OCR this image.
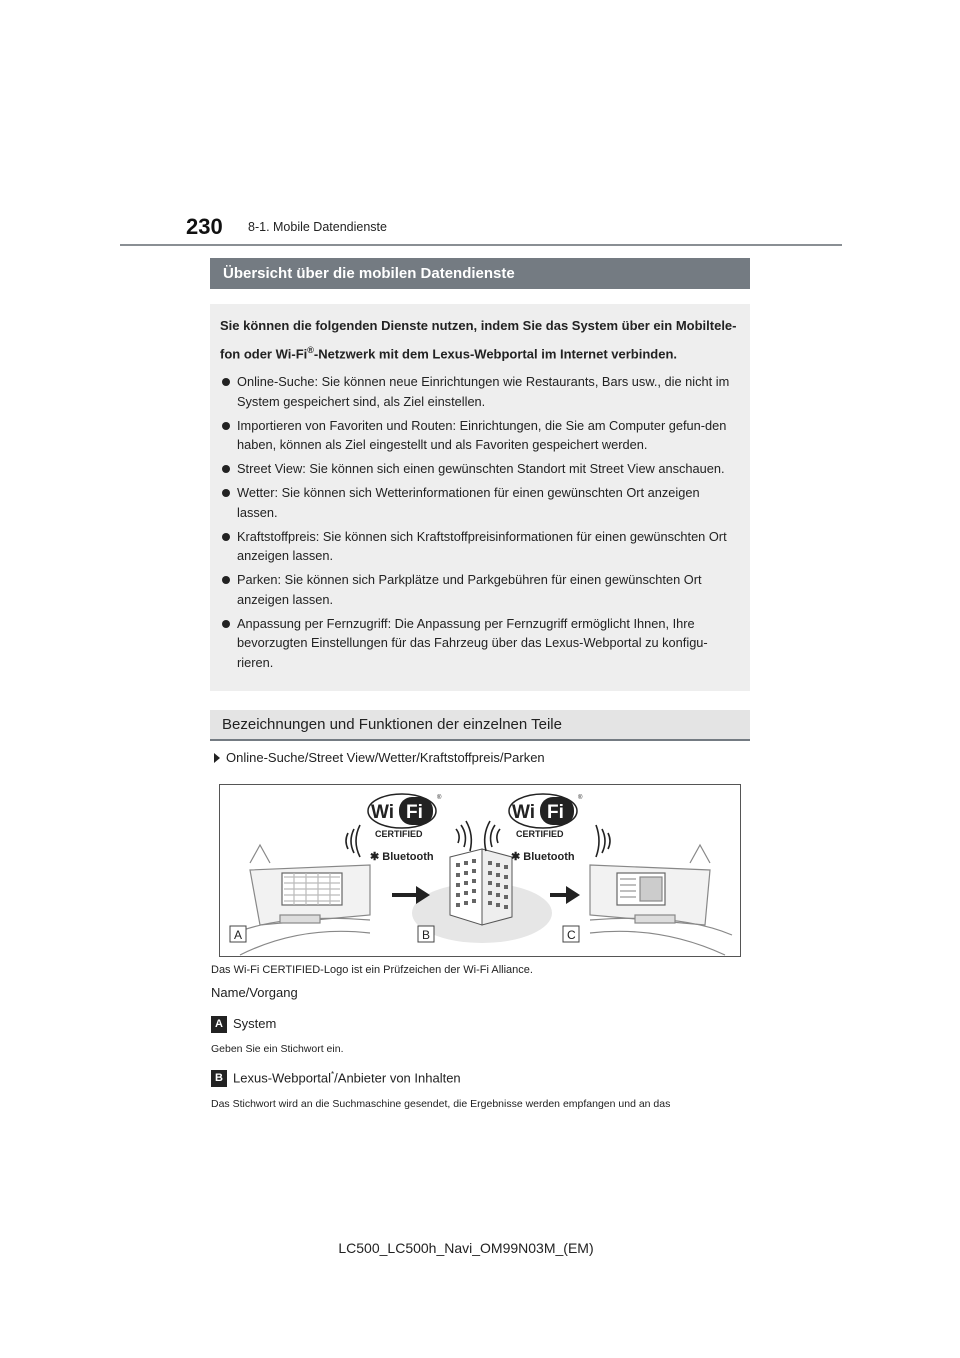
230 8-1. Mobile Datendienste
Übersicht über die mobilen Datendienste

Sie können die folgenden Dienste nutzen, indem Sie das System über ein Mobiltele-
fon oder Wi-Fi®-Netzwerk mit dem Lexus-Webportal im Internet verbinden.

Online-Suche: Sie können neue Einrichtungen wie Restaurants, Bars usw., die nicht im System gespeichert sind, als Ziel einstellen.
Importieren von Favoriten und Routen: Einrichtungen, die Sie am Computer gefun-den haben, können als Ziel eingestellt und als Favoriten gespeichert werden.
Street View: Sie können sich einen gewünschten Standort mit Street View anschauen.
Wetter: Sie können sich Wetterinformationen für einen gewünschten Ort anzeigen lassen.
Kraftstoffpreis: Sie können sich Kraftstoffpreisinformationen für einen gewünschten Ort anzeigen lassen.
Parken: Sie können sich Parkplätze und Parkgebühren für einen gewünschten Ort anzeigen lassen.
Anpassung per Fernzugriff: Die Anpassung per Fernzugriff ermöglicht Ihnen, Ihre bevorzugten Einstellungen für das Fahrzeug über das Lexus-Webportal zu konfigu-rieren.
Bezeichnungen und Funktionen der einzelnen Teile
Online-Suche/Street View/Wetter/Kraftstoffpreis/Parken
Wi Fi
®
CERTIFIED
✱ Bluetooth
Wi Fi
®
CERTIFIED
✱ Bluetooth
A	B	C
Das Wi-Fi CERTIFIED-Logo ist ein Prüfzeichen der Wi-Fi Alliance.
Name/Vorgang
A System
Geben Sie ein Stichwort ein.
B Lexus-Webportal*/Anbieter von Inhalten
Das Stichwort wird an die Suchmaschine gesendet, die Ergebnisse werden empfangen und an das
LC500_LC500h_Navi_OM99N03M_(EM)
